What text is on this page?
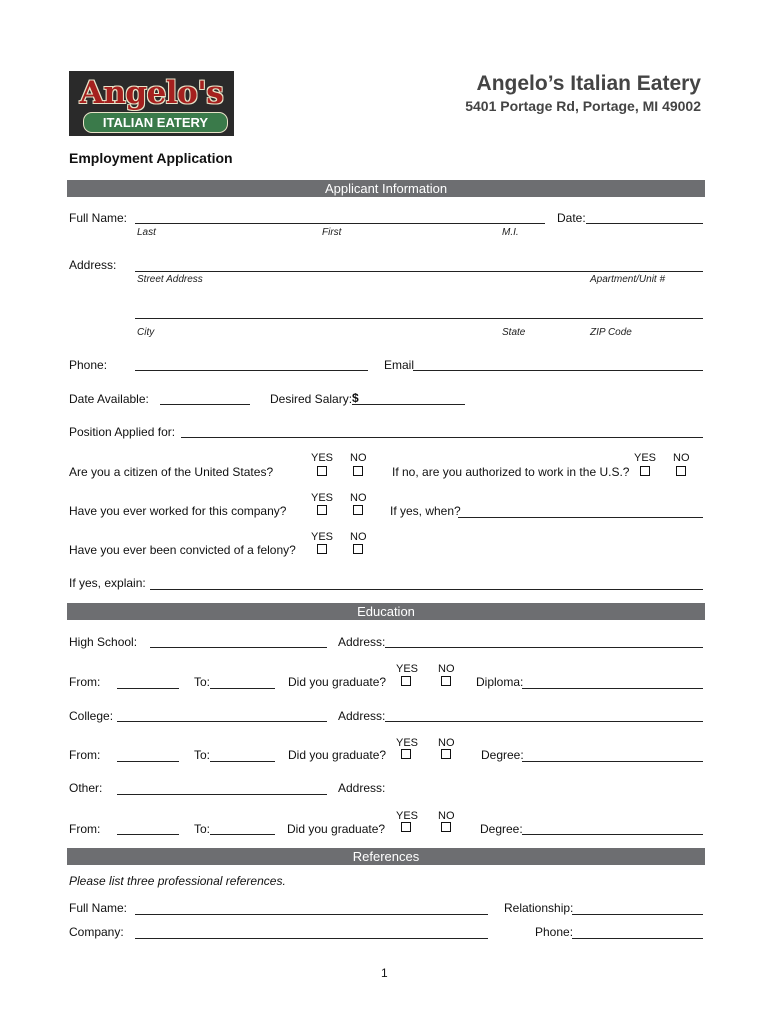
Angelo's
ITALIAN EATERY
Angelo’s Italian Eatery
5401 Portage Rd, Portage, MI 49002
Employment Application
Applicant Information
Full Name:	Date:
Last	First	M.I.
Address:
Street Address	Apartment/Unit #
City	State	ZIP Code
Phone:	Email
Date Available:	Desired Salary: $
Position Applied for:
YES NO
Are you a citizen of the United States?
YES NO
If no, are you authorized to work in the U.S.?
YES NO
Have you ever worked for this company?	If yes, when?
YES NO
Have you ever been convicted of a felony?
If yes, explain:
Education
High School:	Address:
YES NO
From:	To:	Did you graduate?	Diploma:
College:	Address:
YES NO
From:	To:	Did you graduate?	Degree:
Other:	Address:
YES NO
From:	To:	Did you graduate?	Degree:
References
Please list three professional references.
Full Name:	Relationship:
Company:	Phone:
1
